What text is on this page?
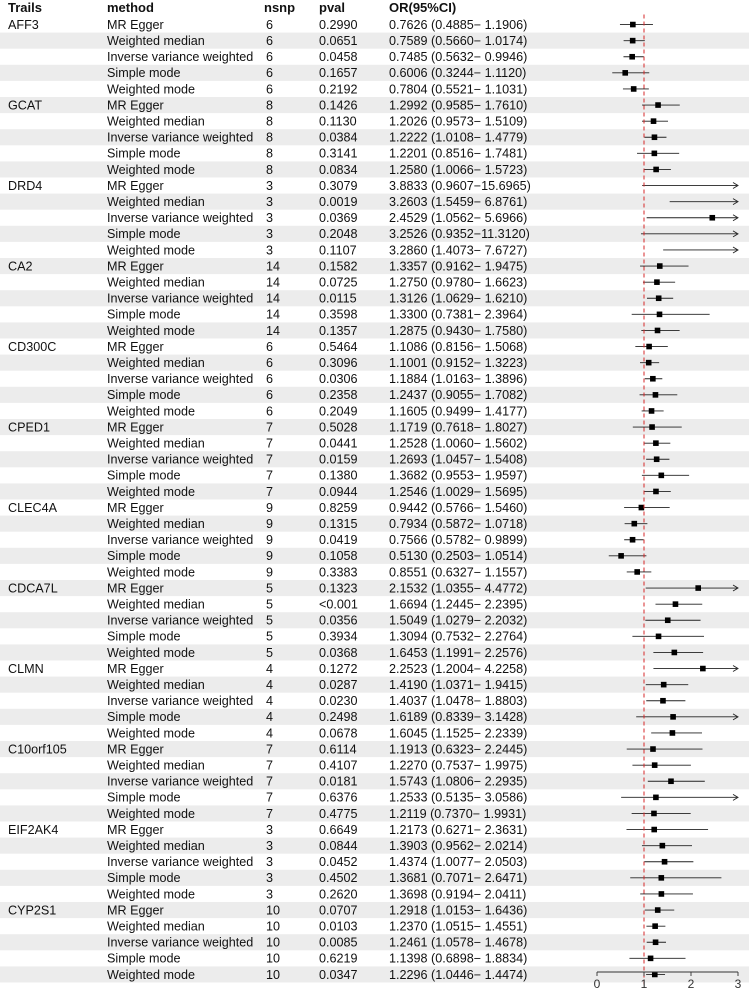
Trails	method	nsnp pval	OR(95%CI)
AFF3	MR Egger	6	0.2990 0.7626 (0.4885− 1.1906)
Weighted median	6	0.0651 0.7589 (0.5660− 1.0174)
Inverse variance weighted 6	0.0458 0.7485 (0.5632− 0.9946)
Simple mode	6	0.1657 0.6006 (0.3244− 1.1120)
Weighted mode	6	0.2192 0.7804 (0.5521− 1.1031)
GCAT	MR Egger	8	0.1426 1.2992 (0.9585− 1.7610)
Weighted median	8	0.1130	1.2026 (0.9573− 1.5109)
Inverse variance weighted 8	0.0384 1.2222 (1.0108− 1.4779)
Simple mode	8	0.3141 1.2201 (0.8516− 1.7481)
Weighted mode	8	0.0834 1.2580 (1.0066− 1.5723)
DRD4	MR Egger	3	0.3079 3.8833 (0.9607−15.6965)
Weighted median	3	0.0019 3.2603 (1.5459− 6.8761)
Inverse variance weighted 3	0.0369 2.4529 (1.0562− 5.6966)
Simple mode	3	0.2048 3.2526 (0.9352−11.3120)
Weighted mode	3	0.1107	3.2860 (1.4073− 7.6727)
CA2	MR Egger	14	0.1582 1.3357 (0.9162− 1.9475)
Weighted median	14	0.0725 1.2750 (0.9780− 1.6623)
Inverse variance weighted 14	0.0115	1.3126 (1.0629− 1.6210)
Simple mode	14	0.3598 1.3300 (0.7381− 2.3964)
Weighted mode	14	0.1357 1.2875 (0.9430− 1.7580)
CD300C	MR Egger	6	0.5464 1.1086 (0.8156− 1.5068)
Weighted median	6	0.3096 1.1001 (0.9152− 1.3223)
Inverse variance weighted 6	0.0306 1.1884 (1.0163− 1.3896)
Simple mode	6	0.2358 1.2437 (0.9055− 1.7082)
Weighted mode	6	0.2049 1.1605 (0.9499− 1.4177)
CPED1	MR Egger	7	0.5028 1.1719 (0.7618− 1.8027)
Weighted median	7	0.0441 1.2528 (1.0060− 1.5602)
Inverse variance weighted 7	0.0159 1.2693 (1.0457− 1.5408)
Simple mode	7	0.1380 1.3682 (0.9553− 1.9597)
Weighted mode	7	0.0944 1.2546 (1.0029− 1.5695)
CLEC4A	MR Egger	9	0.8259 0.9442 (0.5766− 1.5460)
Weighted median	9	0.1315 0.7934 (0.5872− 1.0718)
Inverse variance weighted 9	0.0419 0.7566 (0.5782− 0.9899)
Simple mode	9	0.1058 0.5130 (0.2503− 1.0514)
Weighted mode	9	0.3383 0.8551 (0.6327− 1.1557)
CDCA7L	MR Egger	5	0.1323 2.1532 (1.0355− 4.4772)
Weighted median	5	<0.001 1.6694 (1.2445− 2.2395)
Inverse variance weighted 5	0.0356 1.5049 (1.0279− 2.2032)
Simple mode	5	0.3934 1.3094 (0.7532− 2.2764)
Weighted mode	5	0.0368 1.6453 (1.1991− 2.2576)
CLMN	MR Egger	4	0.1272 2.2523 (1.2004− 4.2258)
Weighted median	4	0.0287 1.4190 (1.0371− 1.9415)
Inverse variance weighted 4	0.0230 1.4037 (1.0478− 1.8803)
Simple mode	4	0.2498 1.6189 (0.8339− 3.1428)
Weighted mode	4	0.0678 1.6045 (1.1525− 2.2339)
C10orf105	MR Egger	7	0.6114	1.1913 (0.6323− 2.2445)
Weighted median	7	0.4107 1.2270 (0.7537− 1.9975)
Inverse variance weighted 7	0.0181 1.5743 (1.0806− 2.2935)
Simple mode	7	0.6376 1.2533 (0.5135− 3.0586)
Weighted mode	7	0.4775 1.2119 (0.7370− 1.9931)
EIF2AK4	MR Egger	3	0.6649 1.2173 (0.6271− 2.3631)
Weighted median	3	0.0844 1.3903 (0.9562− 2.0214)
Inverse variance weighted 3	0.0452 1.4374 (1.0077− 2.0503)
Simple mode	3	0.4502 1.3681 (0.7071− 2.6471)
Weighted mode	3	0.2620 1.3698 (0.9194− 2.0411)
CYP2S1	MR Egger	10	0.0707 1.2918 (1.0153− 1.6436)
Weighted median	10	0.0103 1.2370 (1.0515− 1.4551)
Inverse variance weighted 10	0.0085 1.2461 (1.0578− 1.4678)
Simple mode	10	0.6219 1.1398 (0.6898− 1.8834)
Weighted mode	10	0.0347 1.2296 (1.0446− 1.4474)
0	1	2	3
